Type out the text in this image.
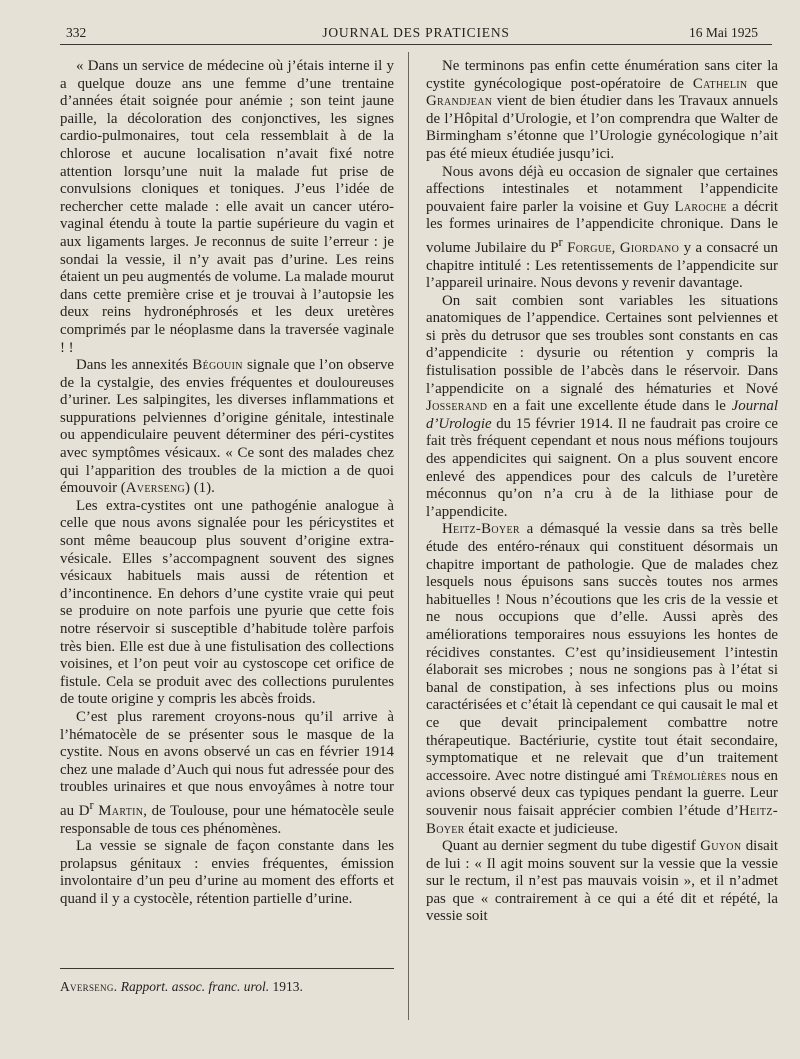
332	JOURNAL DES PRATICIENS	16 Mai 1925

« Dans un service de médecine où j’étais interne il y a quelque douze ans une femme d’une trentaine d’années était soignée pour anémie ; son teint jaune paille, la décoloration des conjonctives, les signes cardio-pulmonaires, tout cela ressemblait à de la chlorose et aucune localisation n’avait fixé notre attention lorsqu’une nuit la malade fut prise de convulsions cloniques et toniques. J’eus l’idée de rechercher cette malade : elle avait un cancer utéro-vaginal étendu à toute la partie supérieure du vagin et aux ligaments larges. Je reconnus de suite l’erreur : je sondai la vessie, il n’y avait pas d’urine. Les reins étaient un peu augmentés de volume. La malade mourut dans cette première crise et je trouvai à l’autopsie les deux reins hydronéphrosés et les deux uretères comprimés par le néoplasme dans la traversée vaginale ! !

Dans les annexités Bégouin signale que l’on observe de la cystalgie, des envies fréquentes et douloureuses d’uriner. Les salpingites, les diverses inflammations et suppurations pelviennes d’origine génitale, intestinale ou appendiculaire peuvent déterminer des péri-cystites avec symptômes vésicaux. « Ce sont des malades chez qui l’apparition des troubles de la miction a de quoi émouvoir (Averseng) (1).

Les extra-cystites ont une pathogénie analogue à celle que nous avons signalée pour les péricystites et sont même beaucoup plus souvent d’origine extra-vésicale. Elles s’accompagnent souvent des signes vésicaux habituels mais aussi de rétention et d’incontinence. En dehors d’une cystite vraie qui peut se produire on note parfois une pyurie que cette fois notre réservoir si susceptible d’habitude tolère parfois très bien. Elle est due à une fistulisation des collections voisines, et l’on peut voir au cystoscope cet orifice de fistule. Cela se produit avec des collections purulentes de toute origine y compris les abcès froids.

C’est plus rarement croyons-nous qu’il arrive à l’hématocèle de se présenter sous le masque de la cystite. Nous en avons observé un cas en février 1914 chez une malade d’Auch qui nous fut adressée pour des troubles urinaires et que nous envoyâmes à notre tour au $D^r$ Martin, de Toulouse, pour une hématocèle seule responsable de tous ces phénomènes.

La vessie se signale de façon constante dans les prolapsus génitaux : envies fréquentes, émission involontaire d’un peu d’urine au moment des efforts et quand il y a cystocèle, rétention partielle d’urine.

Ne terminons pas enfin cette énumération sans citer la cystite gynécologique post-opératoire de Cathelin que Grandjean vient de bien étudier dans les Travaux annuels de l’Hôpital d’Urologie, et l’on comprendra que Walter de Birmingham s’étonne que l’Urologie gynécologique n’ait pas été mieux étudiée jusqu’ici.

Nous avons déjà eu occasion de signaler que certaines affections intestinales et notamment l’appendicite pouvaient faire parler la voisine et Guy Laroche a décrit les formes urinaires de l’appendicite chronique. Dans le volume Jubilaire du $P^r$ Forgue, Giordano y a consacré un chapitre intitulé : Les retentissements de l’appendicite sur l’appareil urinaire. Nous devons y revenir davantage.

On sait combien sont variables les situations anatomiques de l’appendice. Certaines sont pelviennes et si près du detrusor que ses troubles sont constants en cas d’appendicite : dysurie ou rétention y compris la fistulisation possible de l’abcès dans le réservoir. Dans l’appendicite on a signalé des hématuries et Nové Josserand en a fait une excellente étude dans le Journal d’Urologie du 15 février 1914. Il ne faudrait pas croire ce fait très fréquent cependant et nous nous méfions toujours des appendicites qui saignent. On a plus souvent encore enlevé des appendices pour des calculs de l’uretère méconnus qu’on n’a cru à de la lithiase pour de l’appendicite.

Heitz-Boyer a démasqué la vessie dans sa très belle étude des entéro-rénaux qui constituent désormais un chapitre important de pathologie. Que de malades chez lesquels nous épuisons sans succès toutes nos armes habituelles ! Nous n’écoutions que les cris de la vessie et ne nous occupions que d’elle. Aussi après des améliorations temporaires nous essuyions les hontes de récidives constantes. C’est qu’insidieusement l’intestin élaborait ses microbes ; nous ne songions pas à l’état si banal de constipation, à ses infections plus ou moins caractérisées et c’était là cependant ce qui causait le mal et ce que devait principalement combattre notre thérapeutique. Bactériurie, cystite tout était secondaire, symptomatique et ne relevait que d’un traitement accessoire. Avec notre distingué ami Trémolières nous en avions observé deux cas typiques pendant la guerre. Leur souvenir nous faisait apprécier combien l’étude d’Heitz-Boyer était exacte et judicieuse.

Quant au dernier segment du tube digestif Guyon disait de lui : « Il agit moins souvent sur la vessie que la vessie sur le rectum, il n’est pas mauvais voisin », et il n’admet pas que « contrairement à ce qui a été dit et répété, la vessie soit

Averseng. Rapport. assoc. franc. urol. 1913.
